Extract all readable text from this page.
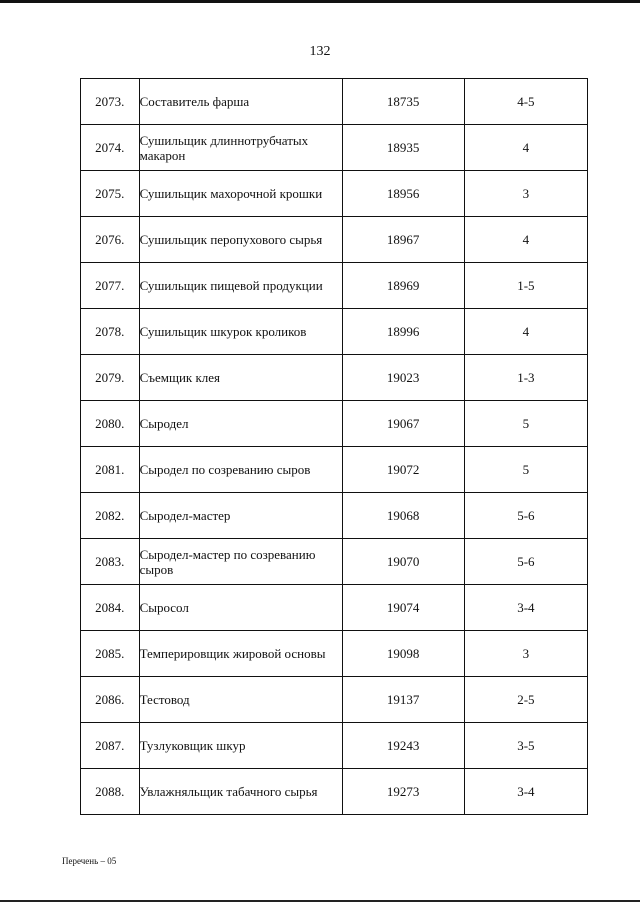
132
2073.	Составитель фарша	18735	4-5
2074.	Сушильщик длиннотрубчатых макарон	18935	4
2075.	Сушильщик махорочной крошки	18956	3
2076.	Сушильщик перопухового сырья	18967	4
2077.	Сушильщик пищевой продукции	18969	1-5
2078.	Сушильщик шкурок кроликов	18996	4
2079.	Съемщик клея	19023	1-3
2080.	Сыродел	19067	5
2081.	Сыродел по созреванию сыров	19072	5
2082.	Сыродел-мастер	19068	5-6
2083.	Сыродел-мастер по созреванию сыров	19070	5-6
2084.	Сыросол	19074	3-4
2085.	Темперировщик жировой основы	19098	3
2086.	Тестовод	19137	2-5
2087.	Тузлуковщик шкур	19243	3-5
2088.	Увлажняльщик табачного сырья	19273	3-4
Перечень – 05
